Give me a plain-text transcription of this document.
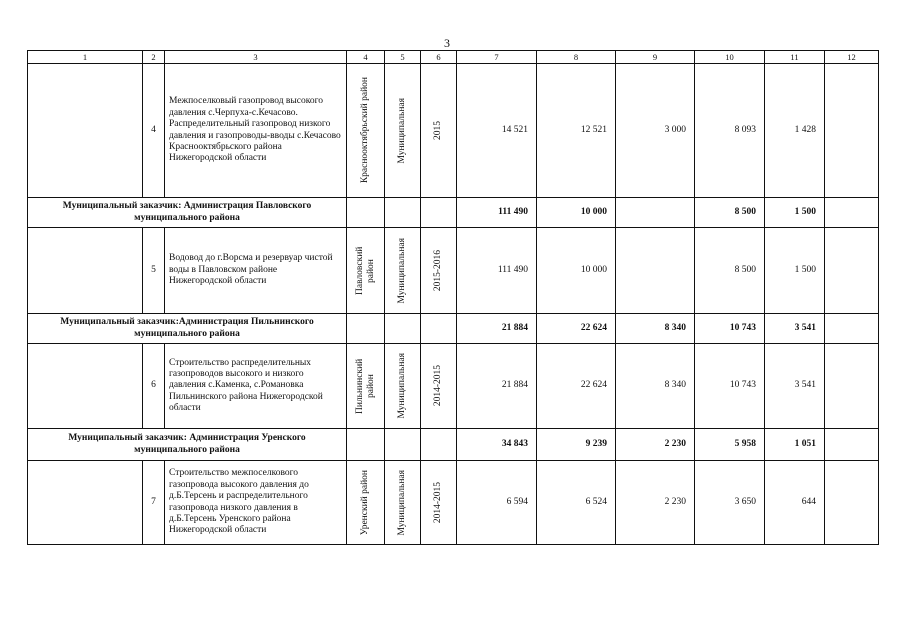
3
1	2	3	4	5	6	7	8	9	10	11	12
	4	Межпоселковый газопровод высокого давления с.Черпуха-с.Кечасово. Распределительный газопровод низкого давления и газопроводы-вводы с.Кечасово Краснооктябрьского района Нижегородской области	Краснооктябрьский район	Муниципальная	2015	14 521	12 521	3 000	8 093	1 428	
Муниципальный заказчик: Администрация Павловского муниципального района						111 490	10 000		8 500	1 500	
	5	Водовод до г.Ворсма и резервуар чистой воды в Павловском районе Нижегородской области	Павловский район	Муниципальная	2015-2016	111 490	10 000		8 500	1 500	
Муниципальный заказчик:Администрация Пильнинского муниципального района						21 884	22 624	8 340	10 743	3 541	
	6	Строительство распределительных газопроводов высокого и низкого давления с.Каменка, с.Романовка Пильнинского района Нижегородской области	Пильнинский район	Муниципальная	2014-2015	21 884	22 624	8 340	10 743	3 541	
Муниципальный заказчик: Администрация Уренского муниципального района						34 843	9 239	2 230	5 958	1 051	
	7	Строительство межпоселкового газопровода высокого давления до д.Б.Терсень и распределительного газопровода низкого давления в д.Б.Терсень Уренского района Нижегородской области	Уренский район	Муниципальная	2014-2015	6 594	6 524	2 230	3 650	644	
